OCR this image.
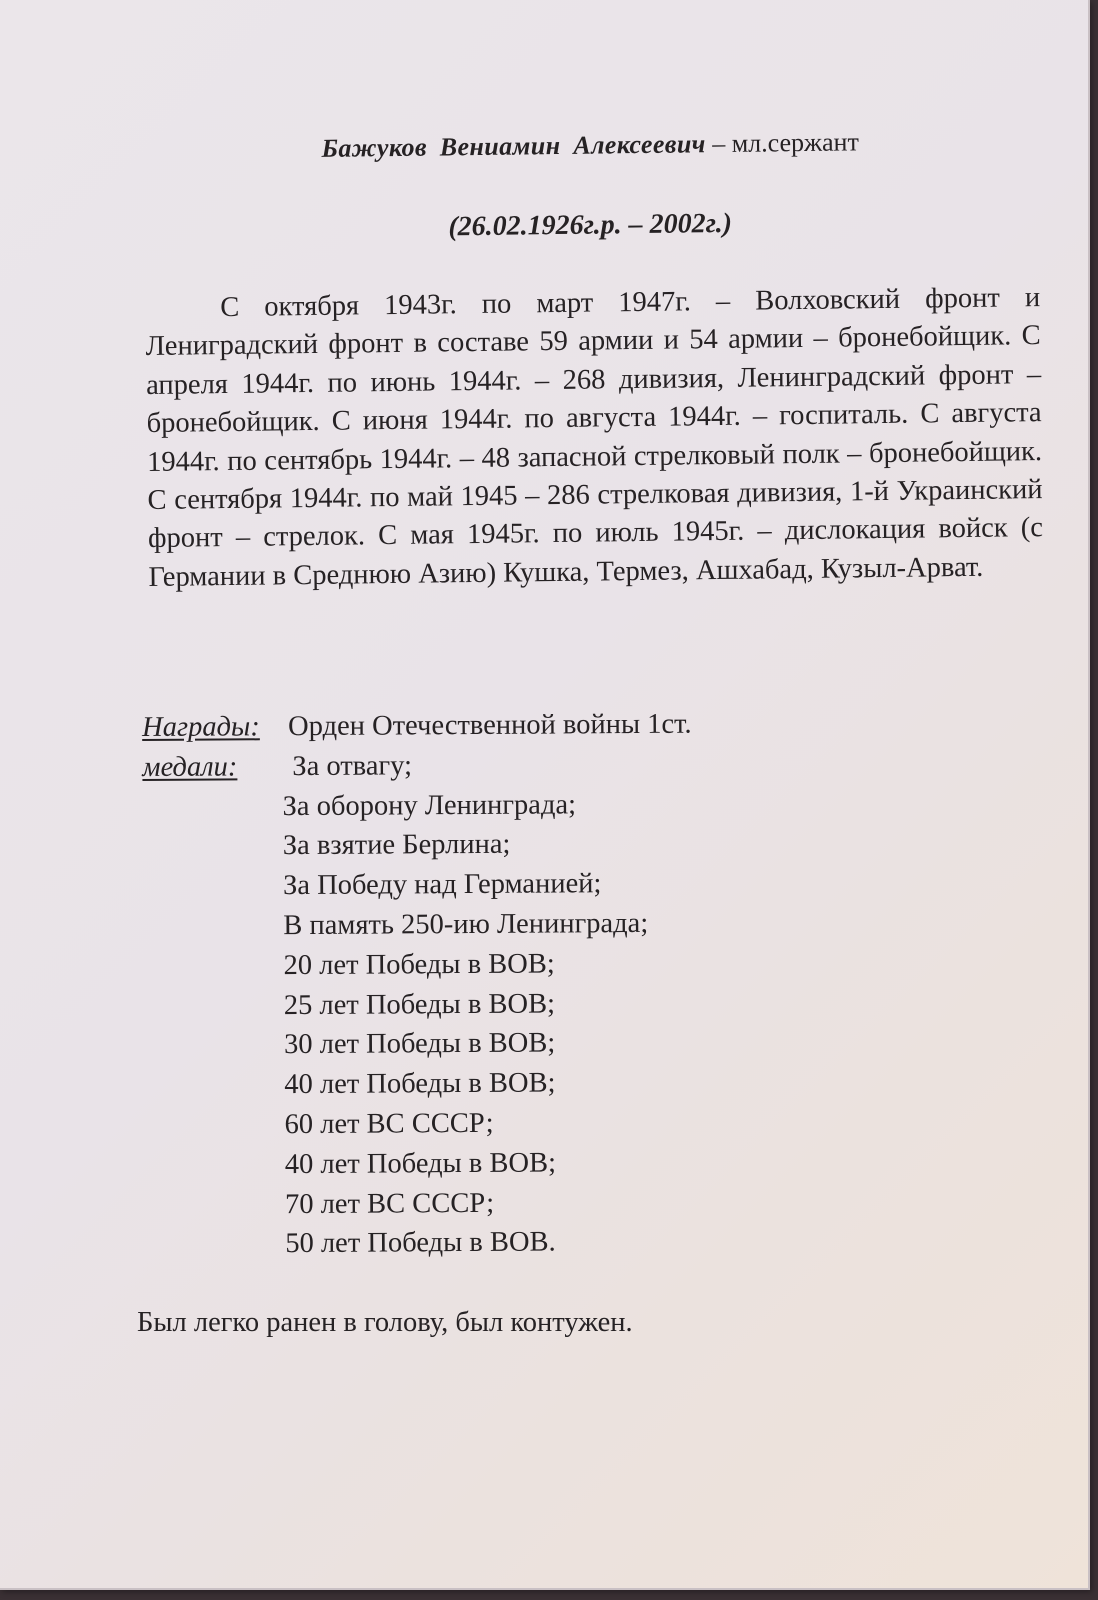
Бажуков Вениамин Алексеевич – мл.сержант
(26.02.1926г.р. – 2002г.)

С октября 1943г. по март 1947г. – Волховский фронт и Лениградский фронт в составе 59 армии и 54 армии – бронебойщик. С апреля 1944г. по июнь 1944г. – 268 дивизия, Ленинградский фронт – бронебойщик. С июня 1944г. по августа 1944г. – госпиталь. С августа 1944г. по сентябрь 1944г. – 48 запасной стрелковый полк – бронебойщик. С сентября 1944г. по май 1945 – 286 стрелковая дивизия, 1-й Украинский фронт – стрелок. С мая 1945г. по июль 1945г. – дислокация войск (с Германии в Среднюю Азию) Кушка, Термез, Ашхабад, Кузыл-Арват.

Награды: Орден Отечественной войны 1ст.
медали:	За отвагу;
За оборону Ленинграда;
За взятие Берлина;
За Победу над Германией;
В память 250-ию Ленинграда;
20 лет Победы в ВОВ;
25 лет Победы в ВОВ;
30 лет Победы в ВОВ;
40 лет Победы в ВОВ;
60 лет ВС СССР;
40 лет Победы в ВОВ;
70 лет ВС СССР;
50 лет Победы в ВОВ.
Был легко ранен в голову, был контужен.
